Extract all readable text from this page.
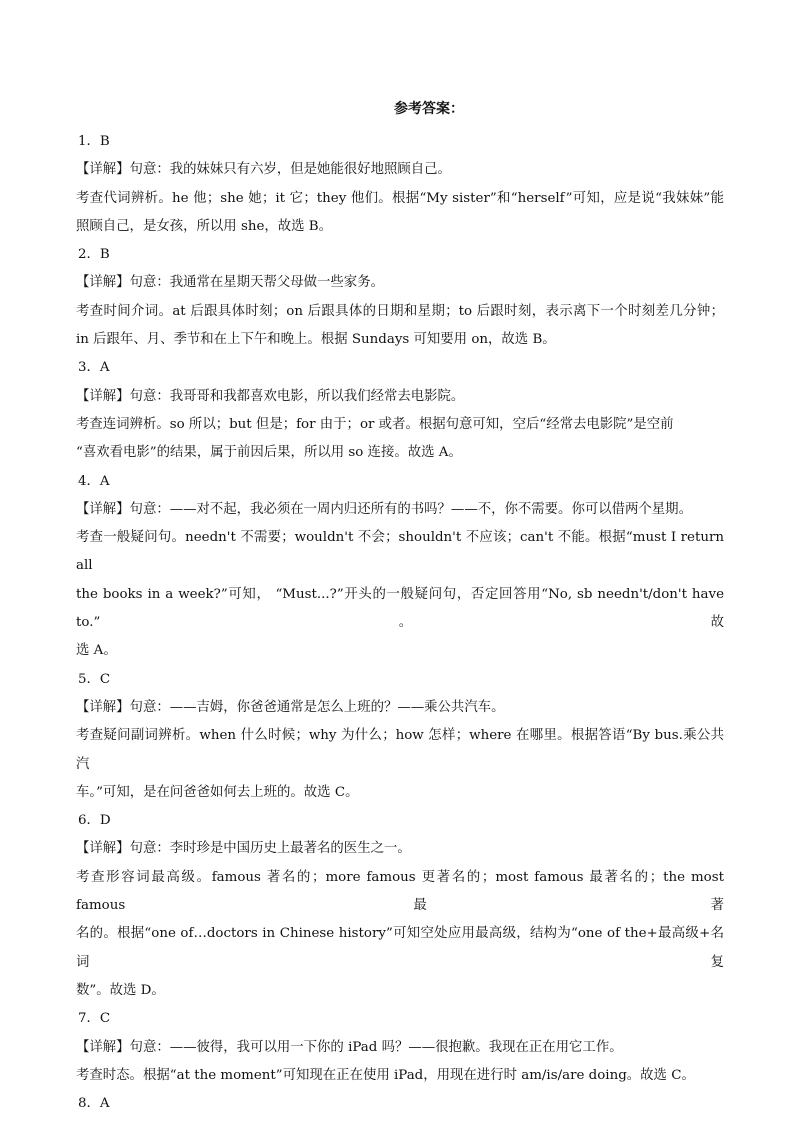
参考答案：

1．B

【详解】句意：我的妹妹只有六岁，但是她能很好地照顾自己。

考查代词辨析。he 他；she 她；it 它；they 他们。根据“My sister”和“herself”可知，应是说“我妹妹”能

照顾自己，是女孩，所以用 she，故选 B。

2．B

【详解】句意：我通常在星期天帮父母做一些家务。

考查时间介词。at 后跟具体时刻；on 后跟具体的日期和星期；to 后跟时刻，表示离下一个时刻差几分钟；

in 后跟年、月、季节和在上下午和晚上。根据 Sundays 可知要用 on，故选 B。

3．A

【详解】句意：我哥哥和我都喜欢电影，所以我们经常去电影院。

考查连词辨析。so 所以；but 但是；for 由于；or 或者。根据句意可知，空后“经常去电影院”是空前

“喜欢看电影”的结果，属于前因后果，所以用 so 连接。故选 A。

4．A

【详解】句意：——对不起，我必须在一周内归还所有的书吗？——不，你不需要。你可以借两个星期。

考查一般疑问句。needn't 不需要；wouldn't 不会；shouldn't 不应该；can't 不能。根据“must I return all

the books in a week?”可知， “Must...?”开头的一般疑问句，否定回答用“No, sb needn't/don't have to.”。故

选 A。

5．C

【详解】句意：——吉姆，你爸爸通常是怎么上班的？——乘公共汽车。

考查疑问副词辨析。when 什么时候；why 为什么；how 怎样；where 在哪里。根据答语“By bus.乘公共汽

车。”可知，是在问爸爸如何去上班的。故选 C。

6．D

【详解】句意：李时珍是中国历史上最著名的医生之一。

考查形容词最高级。famous 著名的；more famous 更著名的；most famous 最著名的；the most famous 最著

名的。根据“one of…doctors in Chinese history”可知空处应用最高级，结构为“one of the+最高级+名词复

数”。故选 D。

7．C

【详解】句意：——彼得，我可以用一下你的 iPad 吗？——很抱歉。我现在正在用它工作。

考查时态。根据“at the moment”可知现在正在使用 iPad，用现在进行时 am/is/are doing。故选 C。

8．A
